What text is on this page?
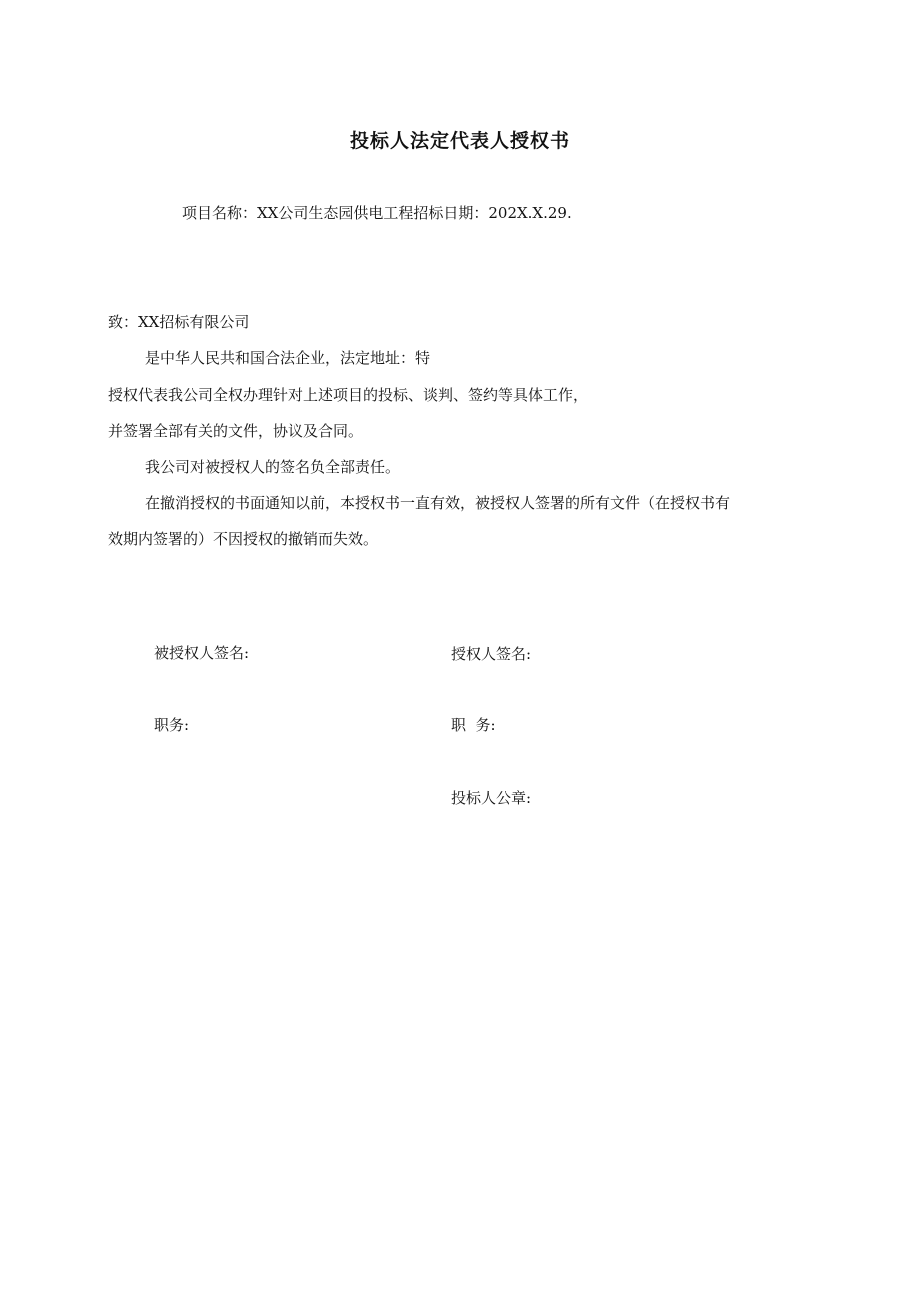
投标人法定代表人授权书
项目名称：XX公司生态园供电工程招标日期：202X.X.29.
致：XX招标有限公司
是中华人民共和国合法企业，法定地址：特
授权代表我公司全权办理针对上述项目的投标、谈判、签约等具体工作，
并签署全部有关的文件，协议及合同。
我公司对被授权人的签名负全部责任。
在撤消授权的书面通知以前，本授权书一直有效，被授权人签署的所有文件（在授权书有
效期内签署的）不因授权的撤销而失效。
被授权人签名:	授权人签名:
职务:	职  务:
投标人公章:
